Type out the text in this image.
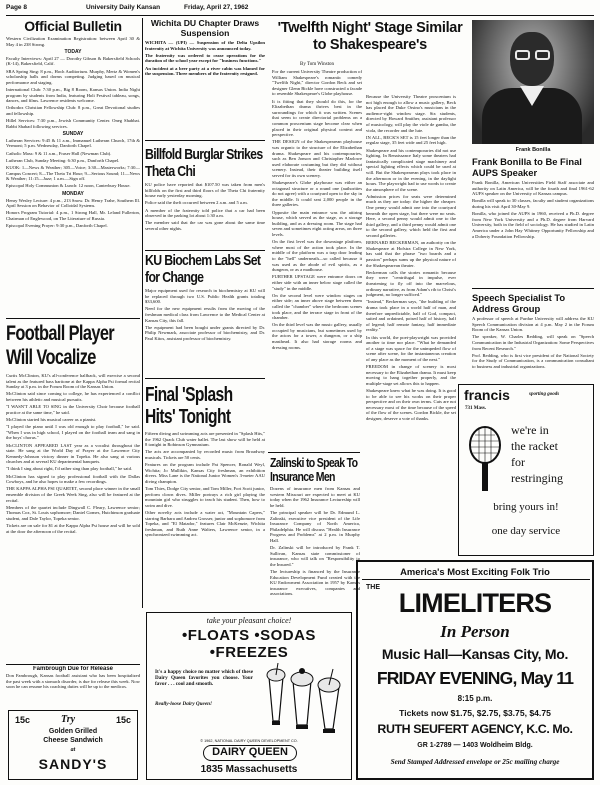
Page 8	University Daily Kansan	Friday, April 27, 1962
Official Bulletin

Western Civilization Examination Registration: between April 30 & May 4 in 238 Strong.

TODAY

Faculty Interviews: April 27 — Dorothy Gibson & Bakersfield Schools (K-14), Bakersfield, Calif.

SRA Spring Sing: 8 p.m., Hoch Auditorium. Murphy, Mertz & Women's scholarship halls and dorms competing. Judging based on musical performance and staging.

International Club: 7:30 p.m., Big 8 Room, Kansas Union. India Night program by students from India, featuring Holi Festival tableau, songs, dances, and films. Lawrence residents welcome.

Orthodox Christian Fellowship Club: 8 p.m., Great Devotional studies and fellowship.

Hillel Services: 7:30 p.m., Jewish Community Center. Oneg Shabbat. Rabbi Shabad following services.

SUNDAY

Lutheran Services: 9:45 & 11 a.m., Immanuel Lutheran Church, 17th & Vermont; 5 p.m. Wednesday, Danforth Chapel.

Catholic Mass: 9 & 11 a.m., Fraser Hall (Newman Club).

Lutheran Club, Sunday Meeting: 6:30 p.m., Danforth Chapel.

KUOK: 1—News & Weather; 305—Voice; 3:30—Masterworks; 7:30—Campus Concert; 8—The Theta Tri Hour; 9—Serious Sound; 11—News & Weather; 11:15—Jazz; 1 a.m.—Sign off.

Episcopal Holy Communion & Lunch: 12 noon, Canterbury House.

MONDAY

Henry Wesley Lecture: 4 p.m., 213 Snow. Dr. Henry Trahe, Southern Ill. April Session on Behavior of Colloidal Systems.

Honors Program Tutorial: 4 p.m., 1 Strong Hall, Mr. Leland Fullerton, Chairman of Englewood, on The Literature of Russia.

Episcopal Evening Prayer: 9:30 p.m., Danforth Chapel.

Football Player Will Vocalize

Curtis McClinton, KU's all-conference halfback, will exercise a second talent as the featured bass baritone at the Kappa Alpha Psi formal recital Sunday at 3 p.m. in the Forum Room of the Kansas Union.

McClinton said since coming to college, he has experienced a conflict between his athletic and musical pursuits.

"I WASN'T ABLE TO SING in the University Choir because football practice at the same time," he said.

McClinton started his musical career as a pianist.

"I played the piano until I was old enough to play football," he said. "When I was in high school, I played on the football team and sang in the boys' chorus."

McCLINTON APPEARED LAST year as a vocalist throughout the state. He sang at the World Day of Prayer at the Lawrence City Kennedy-Johnson victory dinner in Topeka. He also sang at various churches and at several KU departmental banquets.

"I think I sing about right, I'd rather sing than play football," he said.

McClinton has signed to play professional football with the Dallas Cowboys, and he also hopes to make a few recordings.

THE KAPPA ALPHA PSI QUARTET, second place winner in the small ensemble division of the Greek Week Sing, also will be featured at the recital.

Members of the quartet include Dingwall C. Fleary, Lawrence senior; Thomas Cox, St. Louis sophomore; Daniel Gomes, Hutchinson graduate student, and Dale Taylor, Topeka senior.

Tickets are on sale for $1 at the Kappa Alpha Psi house and will be sold at the door the afternoon of the recital.

Fambrough Due for Release
Don Fambrough, Kansas football assistant who has been hospitalized the past week with a stomach disorder, is due for release this week. Now soon he can resume his coaching duties will be up to the medicos.
15c	Try	15c
Golden Grilled
Cheese Sandwich
at
SANDY'S
Wichita DU Chapter Draws Suspension

WICHITA — (UPI) — Suspension of the Delta Upsilon fraternity at Wichita University was announced today.

The fraternity was ordered to cease operations for the duration of the school year except for "business functions."

An incident at a beer party at a river cabin was blamed for the suspension. Three members of the fraternity resigned.

Billfold Burglar Strikes Theta Chi

KU police have reported that $107.50 was taken from men's billfolds on the first and third floors of the Theta Chi fraternity house early yesterday morning.

Police said the theft occurred between 2 a.m. and 5 a.m.

A member of the fraternity told police that a car had been observed in the parking lot about 1:30 a.m.

The member said that the car was gone about the same time several other nights.

KU Biochem Labs Set for Change

Major equipment used for research in biochemistry at KU will be replaced through two U.S. Public Health grants totaling $33,600.

Need for the new equipment results from the moving of the freshman medical class from Lawrence to the Medical Center at Kansas City, this fall.

The equipment had been bought under grants directed by Dr. Philip Newmark, associate professor of biochemistry, and Dr. Paul Kitos, assistant professor of biochemistry.

Final 'Splash Hits' Tonight

Fifteen diving and swimming acts are presented in "Splash Hits," the 1962 Quack Club water ballet. The last show will be held at 8 tonight in Robinson Gymnasium.

The acts are accompanied by recorded music from Broadway musicals. Tickets are 50 cents.

Features on the program include Pat Spencer, Ronald Weyl, Wichita; Jo Mullikin, Kansas City freshman, an exhibition divers. Miss Lane is the National Junior Women's 3-meter AAU diving champion.

Tom Thies, Dodge City senior, and Tom Miller, Fort Scott junior, perform clown dives. Miller portrays a rich girl playing the mountain girl who struggles to teach his student. Then, how to swim and dive.

Other novelty acts include a water act, "Mountain Capers," starring Barbara and Andrea Grosser, junior and sophomore from Topeka, and "El Matador," features Clair McKenzie, Wichita freshman, and Ruth Anne Walters, Lawrence senior, in a synchronized swimming act.

'Twelfth Night' Stage Similar to Shakespeare's
By Tom Winston

For the current University Theatre production of William Shakespeare's romantic comedy "Twelfth Night," director Gordon Beck and set designer Glenn Bickle have constructed a facade to resemble Shakespeare's Globe playhouse.

It is fitting that they should do this, for the Elizabethan drama thrives best in the surroundings for which it was written. Scenes that seem to create directorial problems on a common proscenium stage become clear when placed in their original physical context and perspective.

THE DESIGN of the Shakespearean playhouse was organic to the structure of the Elizabethan drama. Shakespeare and his contemporaries, such as Ben Jonson and Christopher Marlowe used elaborate costuming but they did without scenery. Instead, their theater building itself served for its own scenery.

Shakespeare's Globe playhouse was either an octagonal structure or a round one (authorities do not agree) with a courtyard open to the sky in the middle. It could seat 2,000 people in the three galleries.

Opposite the main entrance was the attiring house, which served as the stage, as a storage building, and as a dressing room. The stage had seven and sometimes eight acting areas, on three levels.

On the first level was the downstage platform, where most of the action took place. In the middle of the platform was a trap door leading to the "hell" underneath—so called because it was used as the abode of evil spirits, as a dungeon, or as a madhouse.

FURTHER UPSTAGE were entrance doors on either side with an inner below stage called the "study" in the middle.

On the second level were window stages on either side; an inner above stage between them called the "chamber" where the bedroom scenes took place, and the terrace stage in front of the chamber.

On the third level was the music gallery, usually occupied by musicians, but sometimes used by the actors for a tower, a dungeon, or a ship masthead. It also had storage rooms and dressing rooms.

Because the University Theatre proscenium is not high enough to allow a music gallery, Beck has placed the Duke Orsino's musicians in the audience-right window stage. Six students, directed by Howard Smither, assistant professor of musicology, will play the viole de gamba, the viola, the recorder and the lute.

IN ALL, BECK'S SET is 15 feet longer than the regular stage, 35 feet wide and 25 feet high.

Shakespeare and his contemporaries did not use lighting. In Renaissance Italy some theaters had fantastically complicated stage machinery and special lighting effects which could be used at will. But the Shakespearean plays took place in the afternoon or in the evening, in the daylight hours. The playwright had to use words to create the atmosphere of the scene.

Admission prices for seats were determined much as they are today: the higher the cheaper. One penny would admit one into the courtyard beneath the open stage, but there were no seats. Here, a second penny would admit one to the third gallery, and a third penny would admit one to the second gallery, which held the first and second galleries.

BERNARD BECKERMAN, an authority on the Shakespeare at Hofstra College in New York, has said that the phrase "two boards and a passion" perhaps sums up the physical nature of the Shakespearean theater.

Beckerman calls the stories romantic because they were "centrifugal in impulse, ever threatening to fly off into the marvelous, ordinary narrative, as from Adam's rib to Christ's judgment, no longer sufficed."

"Instead," Beckerman says, "the building of the drama took place in a world half of man, and therefore unpredictable, half of God, compact, suited and ordained, poised half of history, half of legend; half remote fantasy, half immediate reality."

In this world, the poet-playwright was provided another to time nor place. "What he demanded of a stage was space for the unimpeded flow of scene after scene, for the instantaneous creation of any place as the moment of the next."

FREEDOM in change of scenery is most necessary to the Elizabethan drama. It must keep moving to hang together properly, and the multiple-stage set allows this to happen.

Shakespeare knew what he was doing. It is good to be able to see his works on their proper perspective and on their own terms. Cuts are not necessary most of the time because of the speed of the flow of the scenes. Gordon Bickle, the set designer, deserve a vote of thanks.

Zalinski to Speak To Insurance Men

Dozens of insurance men from Kansas and western Missouri are expected to meet at KU today when the 1962 Insurance Lectureship will be held.

The principal speaker will be Dr. Edmund L. Zalinski, executive vice president of the Life Insurance Company of North America, Philadelphia. He will discuss "Health Insurance Progress and Problems" at 2 p.m. in Murphy Hall.

Dr. Zalinski will be introduced by Frank T. Sullivan, Kansas state commissioner of insurance, who will talk on "Responsibility to the Insured."

The lectureship is financed by the Insurance Education Development Fund created with the KU Endowment Association in 1957 by Kansas insurance executives, companies and associations.

Frank Bonilla
Frank Bonilla to Be Final AUPS Speaker

Frank Bonilla, American Universities Field Staff associate and authority on Latin America, will be the fourth and final 1961-62 AUFS speaker on the University of Kansas campus.

Bonilla will speak to 30 classes, faculty and student organizations during his visit April 30-May 9.

Bonilla, who joined the AUPS in 1960, received a Ph.D. degree from New York University and a Ph.D. degree from Harvard University, both in the field of sociology. He has studied in Latin America under a John Hay Whitney Opportunity Fellowship and a Doherty Foundation Fellowship.

Speech Specialist To Address Group

A professor of speech at Purdue University will address the KU Speech Communication division at 4 p.m. May 2 in the Forum Room of the Kansas Union.

The speaker, W. Charles Redding, will speak on "Speech Communication in the Industrial Organization: Some Perspectives from Recent Research."

Prof. Redding, who is first vice president of the National Society for the Study of Communication, is a communication consultant to business and industrial organizations.

francis	sporting goods
731 Mass.
we're in
the racket
for
restringing
bring yours in!
one day service
take your pleasant choice!
•FLOATS •SODAS
•FREEZES
It's a happy choice no matter which of these Dairy Queen favorites you choose. Your favor . . . cool and smooth.
Really-loose Dairy Queen!
© 1962, NATIONAL DAIRY QUEEN DEVELOPMENT CO.
DAIRY QUEEN
1835 Massachusetts
America's Most Exciting Folk Trio
THE
LIMELITERS
In Person
Music Hall—Kansas City, Mo.
FRIDAY EVENING, May 11
8:15 p.m.
Tickets now $1.75, $2.75, $3.75, $4.75
RUTH SEUFERT AGENCY, K.C. Mo.
GR 1-2789 — 1403 Woldheim Bldg.
Send Stamped Addressed envelope or 25c mailing charge
